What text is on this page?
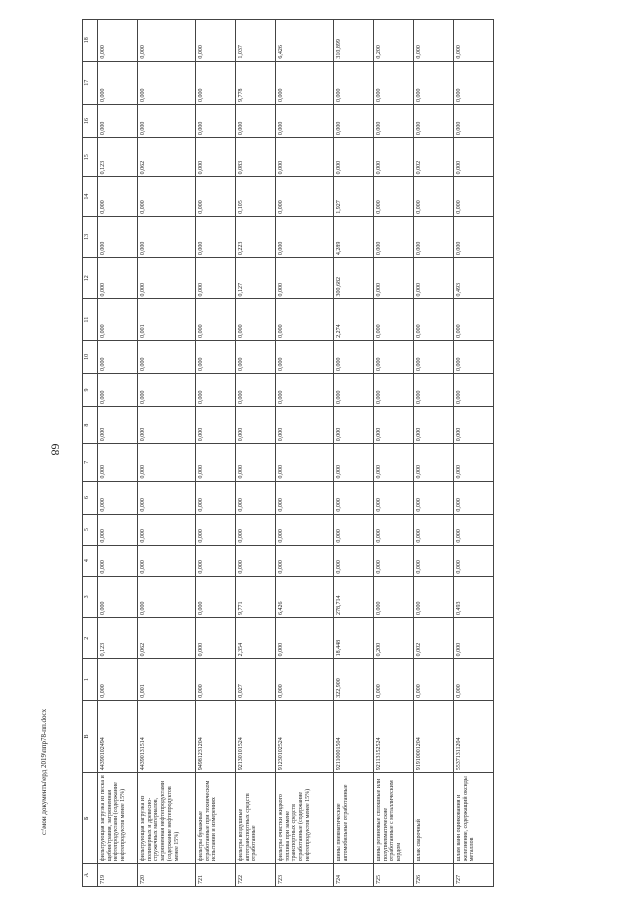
68
c:\мои документы\ерд 2019\ппр78-пп.docx
А	Б	В	1	2	3	4	5	6	7	8	9	10	11	12	13	14	15	16	17	18
719	фильтрующая загрузка из песка и щебня/гравия, загрязненная нефтепродуктами (содержание нефтепродуктов менее 15%)	44390102494	0,000	0,123	0,000	0,000	0,000	0,000	0,000	0,000	0,000	0,000	0,000	0,000	0,000	0,000	0,123	0,000	0,000	0,000
720	фильтрующая загрузка из полимерных и древесно-стружечных материалов, загрязненная нефтепродуктами (содержание нефтепродуктов менее 15%)	44390131514	0,001	0,062	0,000	0,000	0,000	0,000	0,000	0,000	0,000	0,000	0,001	0,000	0,000	0,000	0,062	0,000	0,000	0,000
721	фильтры бумажные отработанные при техническом испытании и измерениях	94981231204	0,000	0,000	0,000	0,000	0,000	0,000	0,000	0,000	0,000	0,000	0,000	0,000	0,000	0,000	0,000	0,000	0,000	0,000
722	фильтры воздушные автотранспортных средств отработанные	92130101524	0,027	2,354	9,771	0,000	0,000	0,000	0,000	0,000	0,000	0,000	0,000	0,127	0,223	0,105	0,083	0,000	9,778	1,037
723	фильтры очистки жидкого топлива при замене транспортных средств отработанные (содержание нефтепродуктов менее 15%)	91230102524	0,000	0,000	6,426	0,000	0,000	0,000	0,000	0,000	0,000	0,000	0,000	0,000	0,000	0,000	0,000	0,000	0,000	6,426
724	шины пневматические автомобильные отработанные	92110001504	322,900	18,448	278,714	0,000	0,000	0,000	0,000	0,000	0,000	0,000	2,274	300,682	4,289	1,927	0,000	0,000	0,000	310,899
725	шины резиновые сплошные или полупневматические отработанные с металлическим кордом	92113152524	0,000	0,200	0,000	0,000	0,000	0,000	0,000	0,000	0,000	0,000	0,000	0,000	0,000	0,000	0,000	0,000	0,000	0,200
726	шлак сварочный	91910001204	0,000	0,002	0,000	0,000	0,000	0,000	0,000	0,000	0,000	0,000	0,000	0,000	0,000	0,000	0,002	0,000	0,000	0,000
727	шлам ванн оцинкования и железнение, содержащий оксиды металлов	55371311204	0,000	0,000	0,493	0,000	0,000	0,000	0,000	0,000	0,000	0,000	0,000	0,493	0,000	0,000	0,000	0,000	0,000	0,000
